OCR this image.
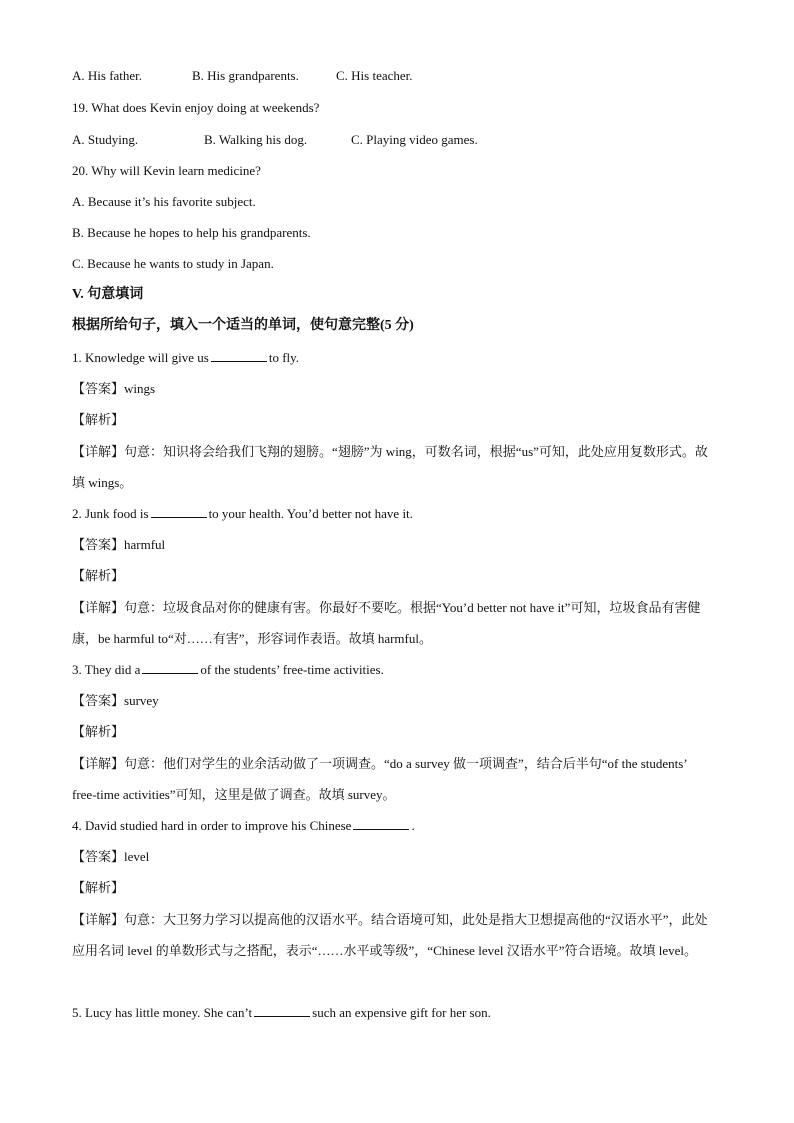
A. His father.	B. His grandparents.	C. His teacher.
19. What does Kevin enjoy doing at weekends?
A. Studying.	B. Walking his dog.	C. Playing video games.
20. Why will Kevin learn medicine?
A. Because it’s his favorite subject.
B. Because he hopes to help his grandparents.
C. Because he wants to study in Japan.
V. 句意填词
根据所给句子，填入一个适当的单词，使句意完整(5 分)
1. Knowledge will give us	to fly.
【答案】wings
【解析】
【详解】句意：知识将会给我们飞翔的翅膀。“翅膀”为 wing，可数名词，根据“us”可知，此处应用复数形式。故填 wings。
2. Junk food is	to your health. You’d better not have it.
【答案】harmful
【解析】
【详解】句意：垃圾食品对你的健康有害。你最好不要吃。根据“You’d better not have it”可知，垃圾食品有害健康，be harmful to“对……有害”，形容词作表语。故填 harmful。
3. They did a	of the students’ free-time activities.
【答案】survey
【解析】
【详解】句意：他们对学生的业余活动做了一项调查。“do a survey 做一项调查”，结合后半句“of the students’ free-time activities”可知，这里是做了调查。故填 survey。
4. David studied hard in order to improve his Chinese	.
【答案】level
【解析】
【详解】句意：大卫努力学习以提高他的汉语水平。结合语境可知，此处是指大卫想提高他的“汉语水平”，此处应用名词 level 的单数形式与之搭配，表示“……水平或等级”，“Chinese level 汉语水平”符合语境。故填 level。
5. Lucy has little money. She can’t	such an expensive gift for her son.
